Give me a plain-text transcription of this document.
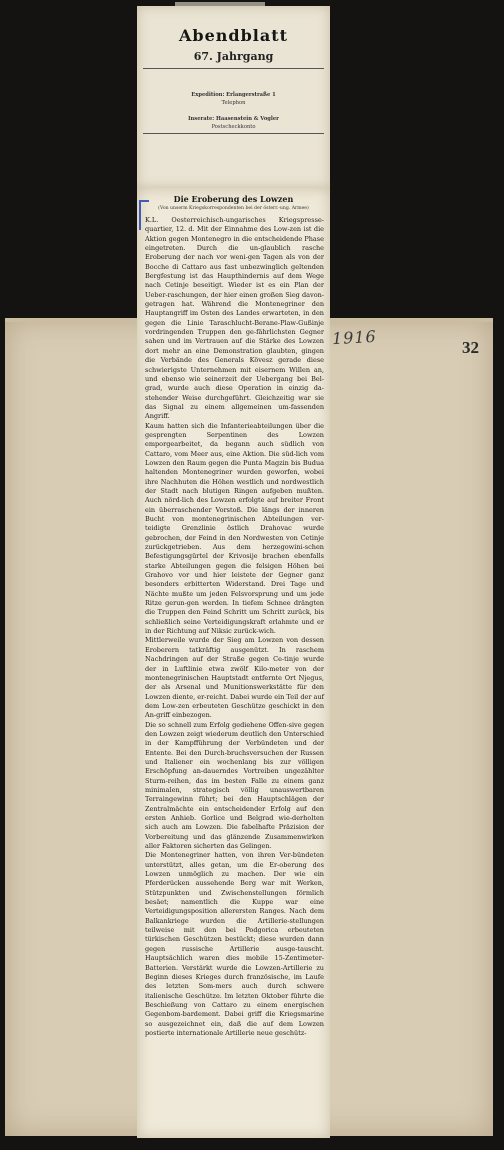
1916	32
Abendblatt
67. Jahrgang
Expedition: Erlangerstraße 1
Telephon
Inserate: Haasenstein & Vogler
Postscheckkonto
Die Eroberung des Lowzen
(Von unserm Kriegskorrespondenten bei der österr.-ung. Armee)
K.L. Oesterreichisch-ungarisches Kriegspresse-quartier, 12. d. Mit der Einnahme des Low-zen ist die Aktion gegen Montenegro in die entscheidende Phase eingetreten. Durch die un-glaublich rasche Eroberung der nach vor weni-gen Tagen als von der Bocche di Cattaro aus fast unbezwinglich geltenden Bergfestung ist das Haupthindernis auf dem Wege nach Cetinje beseitigt. Wieder ist es ein Plan der Ueber-raschungen, der hier einen großen Sieg davon-getragen hat. Während die Montenegriner den Hauptangriff im Osten des Landes erwarteten, in den gegen die Linie Taraschlucht-Berane-Plaw-Gußinje vordringenden Truppen den ge-fährlichsten Gegner sahen und im Vertrauen auf die Stärke des Lowzen dort mehr an eine Demonstration glaubten, gingen die Verbände des Generals Kövesz gerade diese schwierigste Unternehmen mit eisernem Willen an, und ebenso wie seinerzeit der Uebergang bei Bel-grad, wurde auch diese Operation in einzig da-stehender Weise durchgeführt. Gleichzeitig war sie das Signal zu einem allgemeinen um-fassenden Angriff.
Kaum hatten sich die Infanterieabteilungen über die gesprengten Serpentinen des Lowzen emporgearbeitet, da begann auch südlich von Cattaro, vom Meer aus, eine Aktion. Die süd-lich vom Lowzen den Raum gegen die Punta Magzin bis Budua haltenden Montenegriner wurden geworfen, wobei ihre Nachhuten die Höhen westlich und nordwestlich der Stadt nach blutigen Ringen aufgeben mußten. Auch nörd-lich des Lowzen erfolgte auf breiter Front ein überraschender Vorstoß. Die längs der inneren Bucht von montenegrinischen Abteilungen ver-teidigte Grenzlinie östlich Drahovac wurde gebrochen, der Feind in den Nordwesten von Cetinje zurückgetrieben. Aus dem herzegowini-schen Befestigungsgürtel der Krivosije brachen ebenfalls starke Abteilungen gegen die felsigen Höhen bei Grahovo vor und hier leistete der Gegner ganz besonders erbitterten Widerstand. Drei Tage und Nächte mußte um jeden Felsvorsprung und um jede Ritze gerun-gen werden. In tiefem Schnee drängten die Truppen den Feind Schritt um Schritt zurück, bis schließlich seine Verteidigungskraft erlahmte und er in der Richtung auf Niksic zurück-wich.
Mittlerweile wurde der Sieg am Lowzen von dessen Eroberern tatkräftig ausgenützt. In raschem Nachdringen auf der Straße gegen Ce-tinje wurde der in Luftlinie etwa zwölf Kilo-meter von der montenegrinischen Hauptstadt entfernte Ort Njegus, der als Arsenal und Munitionswerkstätte für den Lowzen diente, er-reicht. Dabei wurde ein Teil der auf dem Low-zen erbeuteten Geschütze geschickt in den An-griff einbezogen.
Die so schnell zum Erfolg gediehene Offen-sive gegen den Lowzen zeigt wiederum deutlich den Unterschied in der Kampfführung der Verbündeten und der Entente. Bei den Durch-bruchsversuchen der Russen und Italiener ein wochenlang bis zur völligen Erschöpfung an-dauerndes Vortreiben ungezählter Sturm-reihen, das im besten Falle zu einem ganz minimalen, strategisch völlig unauswertbaren Terraingewinn führt; bei den Hauptschlägen der Zentralmächte ein entscheidender Erfolg auf den ersten Anhieb. Gorlice und Belgrad wie-derholten sich auch am Lowzen. Die fabelhafte Präzision der Vorbereitung und das glänzende Zusammenwirken aller Faktoren sicherten das Gelingen.
Die Montenegriner hatten, von ihren Ver-bündeten unterstützt, alles getan, um die Er-oberung des Lowzen unmöglich zu machen. Der wie ein Pferderücken aussehende Berg war mit Werken, Stützpunkten und Zwischenstellungen förmlich besäet; namentlich die Kuppe war eine Verteidigungsposition allerersten Ranges. Nach dem Balkankriege wurden die Artillerie-stellungen teilweise mit den bei Podgorica erbeuteten türkischen Geschützen bestückt; diese wurden dann gegen russische Artillerie ausge-tauscht. Hauptsächlich waren dies mobile 15-Zentimeter-Batterien. Verstärkt wurde die Lowzen-Artillerie zu Beginn dieses Krieges durch französische, im Laufe des letzten Som-mers auch durch schwere italienische Geschütze. Im letzten Oktober führte die Beschießung von Cattaro zu einem energischen Gegenbom-bardement. Dabei griff die Kriegsmarine so ausgezeichnet ein, daß die auf dem Lowzen postierte internationale Artillerie neue geschütz-
